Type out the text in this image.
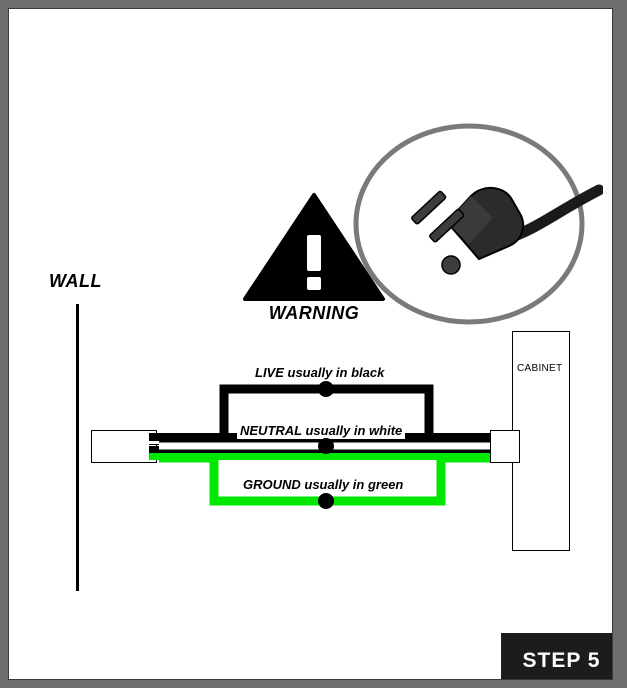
WALL
CABINET
LIVE usually in black
NEUTRAL usually in white
GROUND usually in green
WARNING
STEP 5
